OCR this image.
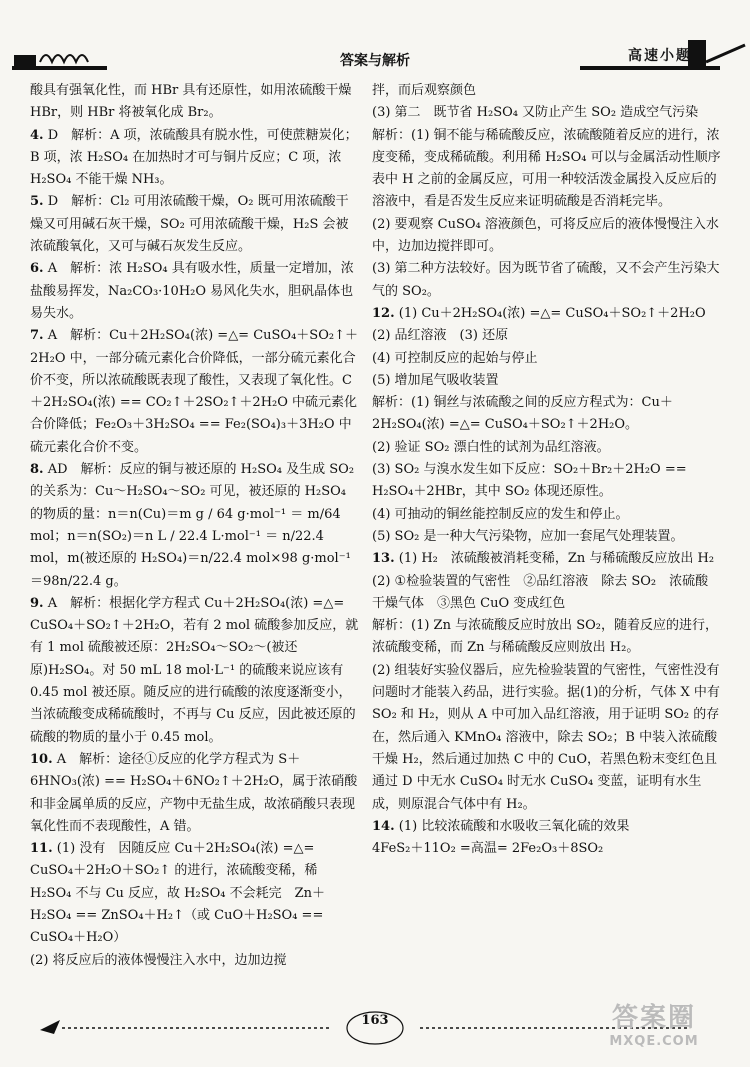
答案与解析	高速小题

酸具有强氧化性，而 HBr 具有还原性，如用浓硫酸干燥 HBr，则 HBr 将被氧化成 Br₂。

4. D　解析：A 项，浓硫酸具有脱水性，可使蔗糖炭化；B 项，浓 H₂SO₄ 在加热时才可与铜片反应；C 项，浓 H₂SO₄ 不能干燥 NH₃。

5. D　解析：Cl₂ 可用浓硫酸干燥，O₂ 既可用浓硫酸干燥又可用碱石灰干燥，SO₂ 可用浓硫酸干燥，H₂S 会被浓硫酸氧化，又可与碱石灰发生反应。

6. A　解析：浓 H₂SO₄ 具有吸水性，质量一定增加，浓盐酸易挥发，Na₂CO₃·10H₂O 易风化失水，胆矾晶体也易失水。

7. A　解析：Cu＋2H₂SO₄(浓) =△= CuSO₄＋SO₂↑＋2H₂O 中，一部分硫元素化合价降低，一部分硫元素化合价不变，所以浓硫酸既表现了酸性，又表现了氧化性。C＋2H₂SO₄(浓) == CO₂↑＋2SO₂↑＋2H₂O 中硫元素化合价降低；Fe₂O₃＋3H₂SO₄ == Fe₂(SO₄)₃＋3H₂O 中硫元素化合价不变。

8. AD　解析：反应的铜与被还原的 H₂SO₄ 及生成 SO₂ 的关系为：Cu～H₂SO₄～SO₂ 可见，被还原的 H₂SO₄ 的物质的量：n＝n(Cu)＝m g / 64 g·mol⁻¹ ＝ m/64 mol；n＝n(SO₂)＝n L / 22.4 L·mol⁻¹ ＝ n/22.4 mol，m(被还原的 H₂SO₄)＝n/22.4 mol×98 g·mol⁻¹＝98n/22.4 g。

9. A　解析：根据化学方程式 Cu＋2H₂SO₄(浓) =△= CuSO₄＋SO₂↑＋2H₂O，若有 2 mol 硫酸参加反应，就有 1 mol 硫酸被还原：2H₂SO₄～SO₂～(被还原)H₂SO₄。对 50 mL 18 mol·L⁻¹ 的硫酸来说应该有 0.45 mol 被还原。随反应的进行硫酸的浓度逐渐变小，当浓硫酸变成稀硫酸时，不再与 Cu 反应，因此被还原的硫酸的物质的量小于 0.45 mol。

10. A　解析：途径①反应的化学方程式为 S＋6HNO₃(浓) == H₂SO₄＋6NO₂↑＋2H₂O，属于浓硝酸和非金属单质的反应，产物中无盐生成，故浓硝酸只表现氧化性而不表现酸性，A 错。

11. (1) 没有　因随反应 Cu＋2H₂SO₄(浓) =△= CuSO₄＋2H₂O＋SO₂↑ 的进行，浓硫酸变稀，稀 H₂SO₄ 不与 Cu 反应，故 H₂SO₄ 不会耗完　Zn＋H₂SO₄ == ZnSO₄＋H₂↑（或 CuO＋H₂SO₄ == CuSO₄＋H₂O）
(2) 将反应后的液体慢慢注入水中，边加边搅

拌，而后观察颜色
(3) 第二　既节省 H₂SO₄ 又防止产生 SO₂ 造成空气污染
解析：(1) 铜不能与稀硫酸反应，浓硫酸随着反应的进行，浓度变稀，变成稀硫酸。利用稀 H₂SO₄ 可以与金属活动性顺序表中 H 之前的金属反应，可用一种较活泼金属投入反应后的溶液中，看是否发生反应来证明硫酸是否消耗完毕。
(2) 要观察 CuSO₄ 溶液颜色，可将反应后的液体慢慢注入水中，边加边搅拌即可。
(3) 第二种方法较好。因为既节省了硫酸，又不会产生污染大气的 SO₂。

12. (1) Cu＋2H₂SO₄(浓) =△= CuSO₄＋SO₂↑＋2H₂O
(2) 品红溶液　(3) 还原
(4) 可控制反应的起始与停止
(5) 增加尾气吸收装置
解析：(1) 铜丝与浓硫酸之间的反应方程式为：Cu＋2H₂SO₄(浓) =△= CuSO₄＋SO₂↑＋2H₂O。
(2) 验证 SO₂ 漂白性的试剂为品红溶液。
(3) SO₂ 与溴水发生如下反应：SO₂＋Br₂＋2H₂O == H₂SO₄＋2HBr，其中 SO₂ 体现还原性。
(4) 可抽动的铜丝能控制反应的发生和停止。
(5) SO₂ 是一种大气污染物，应加一套尾气处理装置。

13. (1) H₂　浓硫酸被消耗变稀，Zn 与稀硫酸反应放出 H₂
(2) ①检验装置的气密性　②品红溶液　除去 SO₂　浓硫酸　干燥气体　③黑色 CuO 变成红色
解析：(1) Zn 与浓硫酸反应时放出 SO₂，随着反应的进行，浓硫酸变稀，而 Zn 与稀硫酸反应则放出 H₂。
(2) 组装好实验仪器后，应先检验装置的气密性，气密性没有问题时才能装入药品，进行实验。据(1)的分析，气体 X 中有 SO₂ 和 H₂，则从 A 中可加入品红溶液，用于证明 SO₂ 的存在，然后通入 KMnO₄ 溶液中，除去 SO₂；B 中装入浓硫酸干燥 H₂，然后通过加热 C 中的 CuO，若黑色粉末变红色且通过 D 中无水 CuSO₄ 时无水 CuSO₄ 变蓝，证明有水生成，则原混合气体中有 H₂。

14. (1) 比较浓硫酸和水吸收三氧化硫的效果
4FeS₂＋11O₂ =高温= 2Fe₂O₃＋8SO₂

163	答案圈
MXQE.COM
